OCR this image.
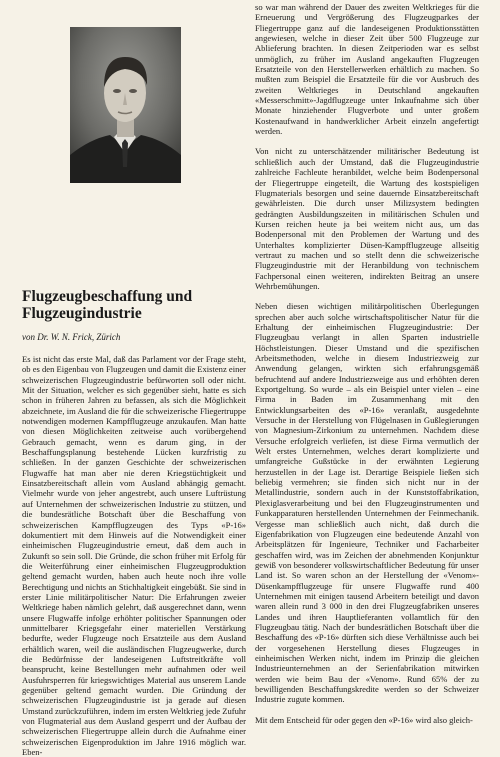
Flugzeugbeschaffung und Flugzeugindustrie

von Dr. W. N. Frick, Zürich

Es ist nicht das erste Mal, daß das Parlament vor der Frage steht, ob es den Eigenbau von Flugzeugen und damit die Existenz einer schweizerischen Flugzeugindustrie befürworten soll oder nicht. Mit der Situation, welcher es sich gegenüber sieht, hatte es sich schon in früheren Jahren zu befassen, als sich die Möglichkeit abzeichnete, im Ausland die für die schweizerische Fliegertruppe notwendigen modernen Kampfflugzeuge anzukaufen. Man hatte von diesen Möglichkeiten zeitweise auch vorübergehend Gebrauch gemacht, wenn es darum ging, in der Beschaffungsplanung bestehende Lücken kurzfristig zu schließen. In der ganzen Geschichte der schweizerischen Flugwaffe hat man aber nie deren Kriegstüchtigkeit und Einsatzbereitschaft allein vom Ausland abhängig gemacht. Vielmehr wurde von jeher angestrebt, auch unsere Luftrüstung auf Unternehmen der schweizerischen Industrie zu stützen, und die bundesrätliche Botschaft über die Beschaffung von schweizerischen Kampfflugzeugen des Typs «P-16» dokumentiert mit dem Hinweis auf die Notwendigkeit einer einheimischen Flugzeugindustrie erneut, daß dem auch in Zukunft so sein soll. Die Gründe, die schon früher mit Erfolg für die Weiterführung einer einheimischen Flugzeugproduktion geltend gemacht wurden, haben auch heute noch ihre volle Berechtigung und nichts an Stichhaltigkeit eingebüßt. Sie sind in erster Linie militärpolitischer Natur: Die Erfahrungen zweier Weltkriege haben nämlich gelehrt, daß ausgerechnet dann, wenn unsere Flugwaffe infolge erhöhter politischer Spannungen oder unmittelbarer Kriegsgefahr einer materiellen Verstärkung bedurfte, weder Flugzeuge noch Ersatzteile aus dem Ausland erhältlich waren, weil die ausländischen Flugzeugwerke, durch die Bedürfnisse der landeseigenen Luftstreitkräfte voll beansprucht, keine Bestellungen mehr aufnahmen oder weil Ausfuhrsperren für kriegswichtiges Material aus unserem Lande gegenüber geltend gemacht wurden. Die Gründung der schweizerischen Flugzeugindustrie ist ja gerade auf diesen Umstand zurückzuführen, indem im ersten Weltkrieg jede Zufuhr von Flugmaterial aus dem Ausland gesperrt und der Aufbau der schweizerischen Fliegertruppe allein durch die Aufnahme einer schweizerischen Eigenproduktion im Jahre 1916 möglich war. Eben-

so war man während der Dauer des zweiten Weltkrieges für die Erneuerung und Vergrößerung des Flugzeugparkes der Fliegertruppe ganz auf die landeseigenen Produktionsstätten angewiesen, welche in dieser Zeit über 500 Flugzeuge zur Ablieferung brachten. In diesen Zeitperioden war es selbst unmöglich, zu früher im Ausland angekauften Flugzeugen Ersatzteile von den Herstellerwerken erhältlich zu machen. So mußten zum Beispiel die Ersatzteile für die vor Ausbruch des zweiten Weltkrieges in Deutschland angekauften «Messerschmitt»-Jagdflugzeuge unter Inkaufnahme sich über Monate hinziehender Flugverbote und unter großem Kostenaufwand in handwerklicher Arbeit einzeln angefertigt werden.

Von nicht zu unterschätzender militärischer Bedeutung ist schließlich auch der Umstand, daß die Flugzeugindustrie zahlreiche Fachleute heranbildet, welche beim Bodenpersonal der Fliegertruppe eingeteilt, die Wartung des kostspieligen Flugmaterials besorgen und seine dauernde Einsatzbereitschaft gewährleisten. Die durch unser Milizsystem bedingten gedrängten Ausbildungszeiten in militärischen Schulen und Kursen reichen heute ja bei weitem nicht aus, um das Bodenpersonal mit den Problemen der Wartung und des Unterhaltes komplizierter Düsen-Kampfflugzeuge allseitig vertraut zu machen und so stellt denn die schweizerische Flugzeugindustrie mit der Heranbildung von technischem Fachpersonal einen weiteren, indirekten Beitrag an unsere Wehrbemühungen.

Neben diesen wichtigen militärpolitischen Überlegungen sprechen aber auch solche wirtschaftspolitischer Natur für die Erhaltung der einheimischen Flugzeugindustrie: Der Flugzeugbau verlangt in allen Sparten industrielle Höchstleistungen. Dieser Umstand und die spezifischen Arbeitsmethoden, welche in diesem Industriezweig zur Anwendung gelangen, wirkten sich erfahrungsgemäß befruchtend auf andere Industriezweige aus und erhöhten deren Exportgeltung. So wurde – als ein Beispiel unter vielen – eine Firma in Baden im Zusammenhang mit den Entwicklungsarbeiten des «P-16» veranlaßt, ausgedehnte Versuche in der Herstellung von Flügelnasen in Gußlegierungen von Magnesium-Zirkonium zu unternehmen. Nachdem diese Versuche erfolgreich verliefen, ist diese Firma vermutlich der Welt erstes Unternehmen, welches derart komplizierte und umfangreiche Gußstücke in der erwähnten Legierung herzustellen in der Lage ist. Derartige Beispiele ließen sich beliebig vermehren; sie finden sich nicht nur in der Metallindustrie, sondern auch in der Kunststoffabrikation, Plexiglasverarbeitung und bei den Flugzeuginstrumenten und Funkapparaturen herstellenden Unternehmen der Feinmechanik. Vergesse man schließlich auch nicht, daß durch die Eigenfabrikation von Flugzeugen eine bedeutende Anzahl von Arbeitsplätzen für Ingenieure, Techniker und Facharbeiter geschaffen wird, was im Zeichen der abnehmenden Konjunktur gewiß von besonderer volkswirtschaftlicher Bedeutung für unser Land ist. So waren schon an der Herstellung der «Venom»-Düsenkampfflugzeuge für unsere Flugwaffe rund 400 Unternehmen mit einigen tausend Arbeitern beteiligt und davon waren allein rund 3 000 in den drei Flugzeugfabriken unseres Landes und ihren Hauptlieferanten vollamtlich für den Flugzeugbau tätig. Nach der bundesrätlichen Botschaft über die Beschaffung des «P-16» dürften sich diese Verhältnisse auch bei der vorgesehenen Herstellung dieses Flugzeuges in einheimischen Werken nicht, indem im Prinzip die gleichen Industrieunternehmen an der Serienfabrikation mitwirken werden wie beim Bau der «Venom». Rund 65% der zu bewilligenden Beschaffungskredite werden so der Schweizer Industrie zugute kommen.

Mit dem Entscheid für oder gegen den «P-16» wird also gleich-
